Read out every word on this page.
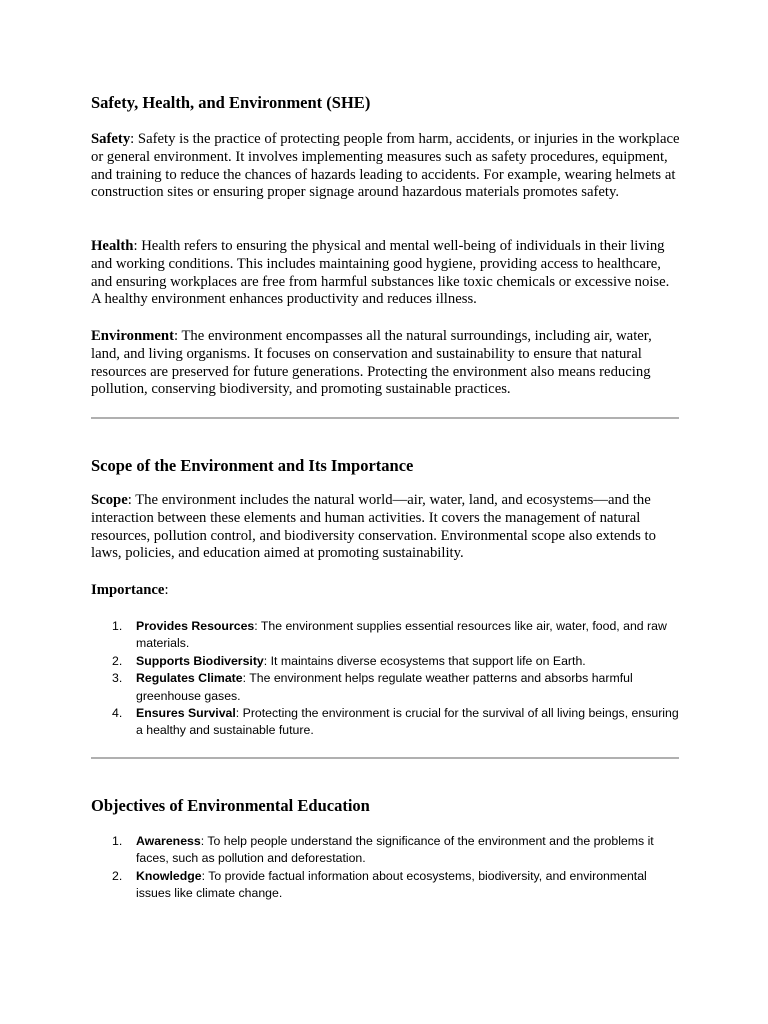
Safety, Health, and Environment (SHE)

Safety: Safety is the practice of protecting people from harm, accidents, or injuries in the workplace or general environment. It involves implementing measures such as safety procedures, equipment, and training to reduce the chances of hazards leading to accidents. For example, wearing helmets at construction sites or ensuring proper signage around hazardous materials promotes safety.

Health: Health refers to ensuring the physical and mental well-being of individuals in their living and working conditions. This includes maintaining good hygiene, providing access to healthcare, and ensuring workplaces are free from harmful substances like toxic chemicals or excessive noise. A healthy environment enhances productivity and reduces illness.

Environment: The environment encompasses all the natural surroundings, including air, water, land, and living organisms. It focuses on conservation and sustainability to ensure that natural resources are preserved for future generations. Protecting the environment also means reducing pollution, conserving biodiversity, and promoting sustainable practices.

Scope of the Environment and Its Importance

Scope: The environment includes the natural world—air, water, land, and ecosystems—and the interaction between these elements and human activities. It covers the management of natural resources, pollution control, and biodiversity conservation. Environmental scope also extends to laws, policies, and education aimed at promoting sustainability.

Importance:

1. Provides Resources: The environment supplies essential resources like air, water, food, and raw materials.
2. Supports Biodiversity: It maintains diverse ecosystems that support life on Earth.
3. Regulates Climate: The environment helps regulate weather patterns and absorbs harmful greenhouse gases.
4. Ensures Survival: Protecting the environment is crucial for the survival of all living beings, ensuring a healthy and sustainable future.
Objectives of Environmental Education
1. Awareness: To help people understand the significance of the environment and the problems it faces, such as pollution and deforestation.
2. Knowledge: To provide factual information about ecosystems, biodiversity, and environmental issues like climate change.
